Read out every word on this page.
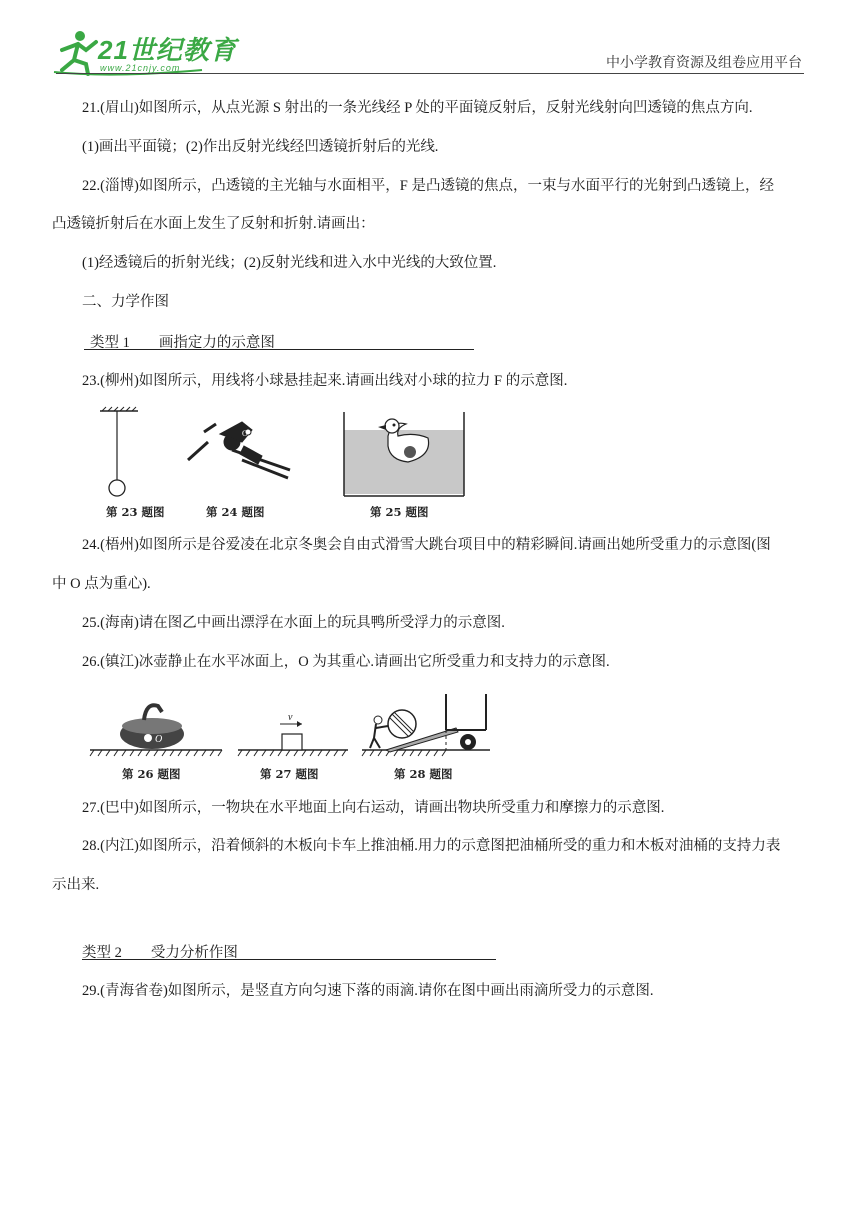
21世纪教育
www.21cnjy.com	中小学教育资源及组卷应用平台
21.(眉山)如图所示，从点光源 S 射出的一条光线经 P 处的平面镜反射后，反射光线射向凹透镜的焦点方向.
(1)画出平面镜；(2)作出反射光线经凹透镜折射后的光线.
22.(淄博)如图所示，凸透镜的主光轴与水面相平，F 是凸透镜的焦点，一束与水面平行的光射到凸透镜上，经
凸透镜折射后在水面上发生了反射和折射.请画出：
(1)经透镜后的折射光线；(2)反射光线和进入水中光线的大致位置.
二、力学作图
类型 1　　画指定力的示意图
23.(柳州)如图所示，用线将小球悬挂起来.请画出线对小球的拉力 F 的示意图.
O
第 23 题图	第 24 题图	第 25 题图
24.(梧州)如图所示是谷爱凌在北京冬奥会自由式滑雪大跳台项目中的精彩瞬间.请画出她所受重力的示意图(图
中 O 点为重心).
25.(海南)请在图乙中画出漂浮在水面上的玩具鸭所受浮力的示意图.
26.(镇江)冰壶静止在水平冰面上，O 为其重心.请画出它所受重力和支持力的示意图.
O
v
第 26 题图	第 27 题图	第 28 题图
27.(巴中)如图所示，一物块在水平地面上向右运动，请画出物块所受重力和摩擦力的示意图.
28.(内江)如图所示，沿着倾斜的木板向卡车上推油桶.用力的示意图把油桶所受的重力和木板对油桶的支持力表
示出来.
类型 2　　受力分析作图
29.(青海省卷)如图所示，是竖直方向匀速下落的雨滴.请你在图中画出雨滴所受力的示意图.
